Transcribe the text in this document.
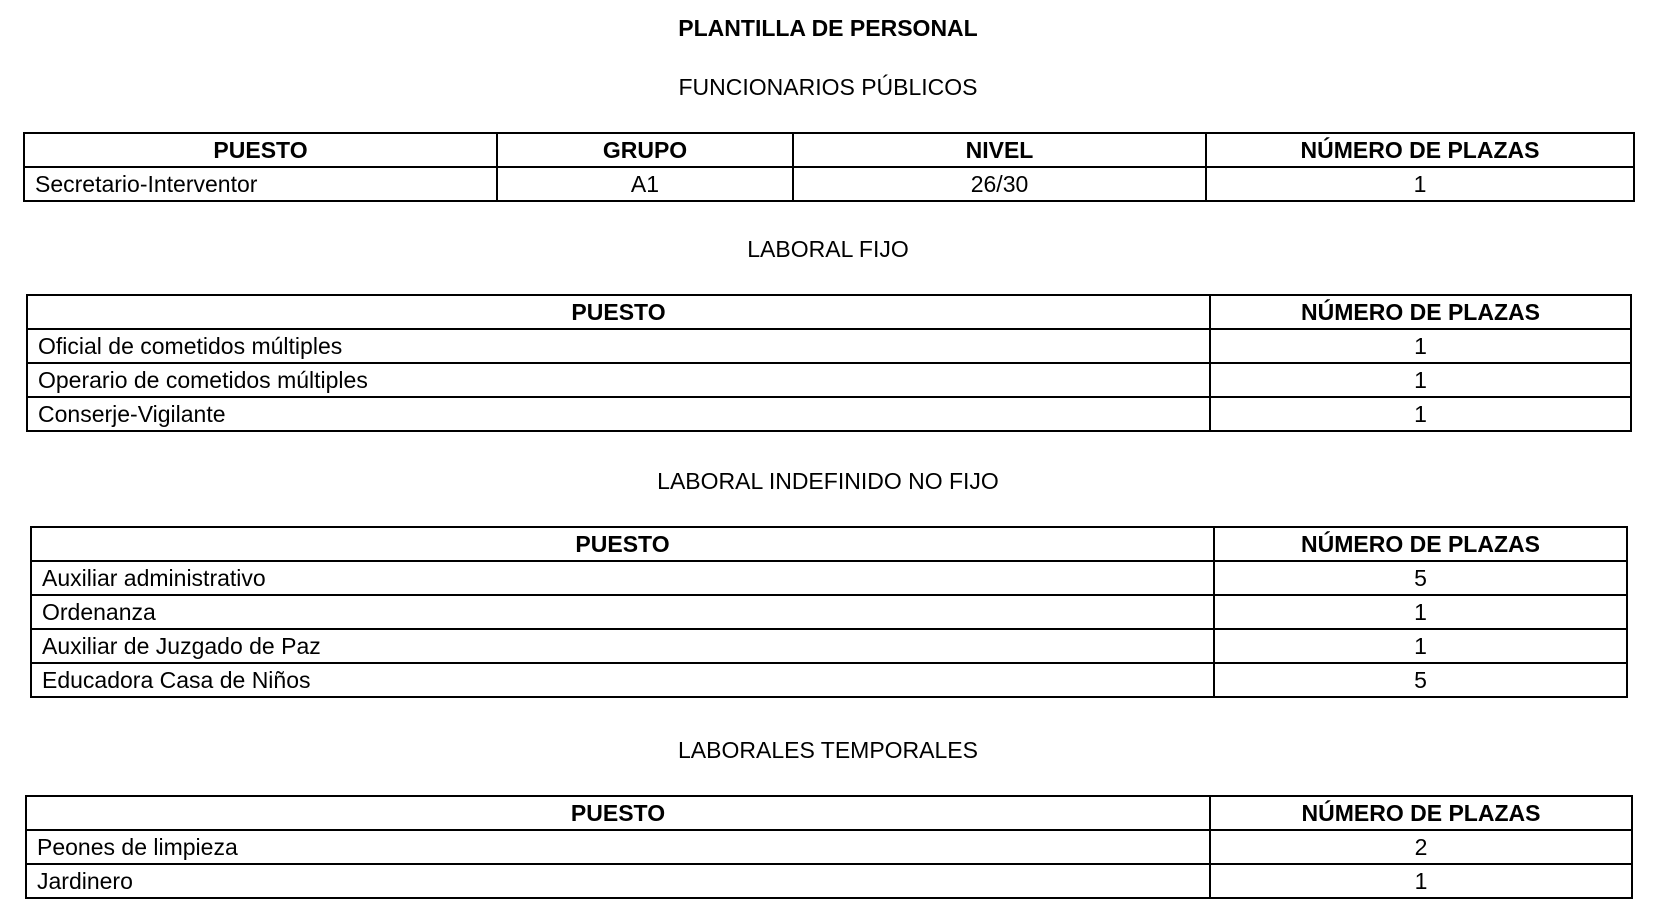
PLANTILLA DE PERSONAL
FUNCIONARIOS PÚBLICOS
PUESTO	GRUPO	NIVEL	NÚMERO DE PLAZAS
Secretario-Interventor	A1	26/30	1
LABORAL FIJO
PUESTO	NÚMERO DE PLAZAS
Oficial de cometidos múltiples	1
Operario de cometidos múltiples	1
Conserje-Vigilante	1
LABORAL INDEFINIDO NO FIJO
PUESTO	NÚMERO DE PLAZAS
Auxiliar administrativo	5
Ordenanza	1
Auxiliar de Juzgado de Paz	1
Educadora Casa de Niños	5
LABORALES TEMPORALES
PUESTO	NÚMERO DE PLAZAS
Peones de limpieza	2
Jardinero	1
